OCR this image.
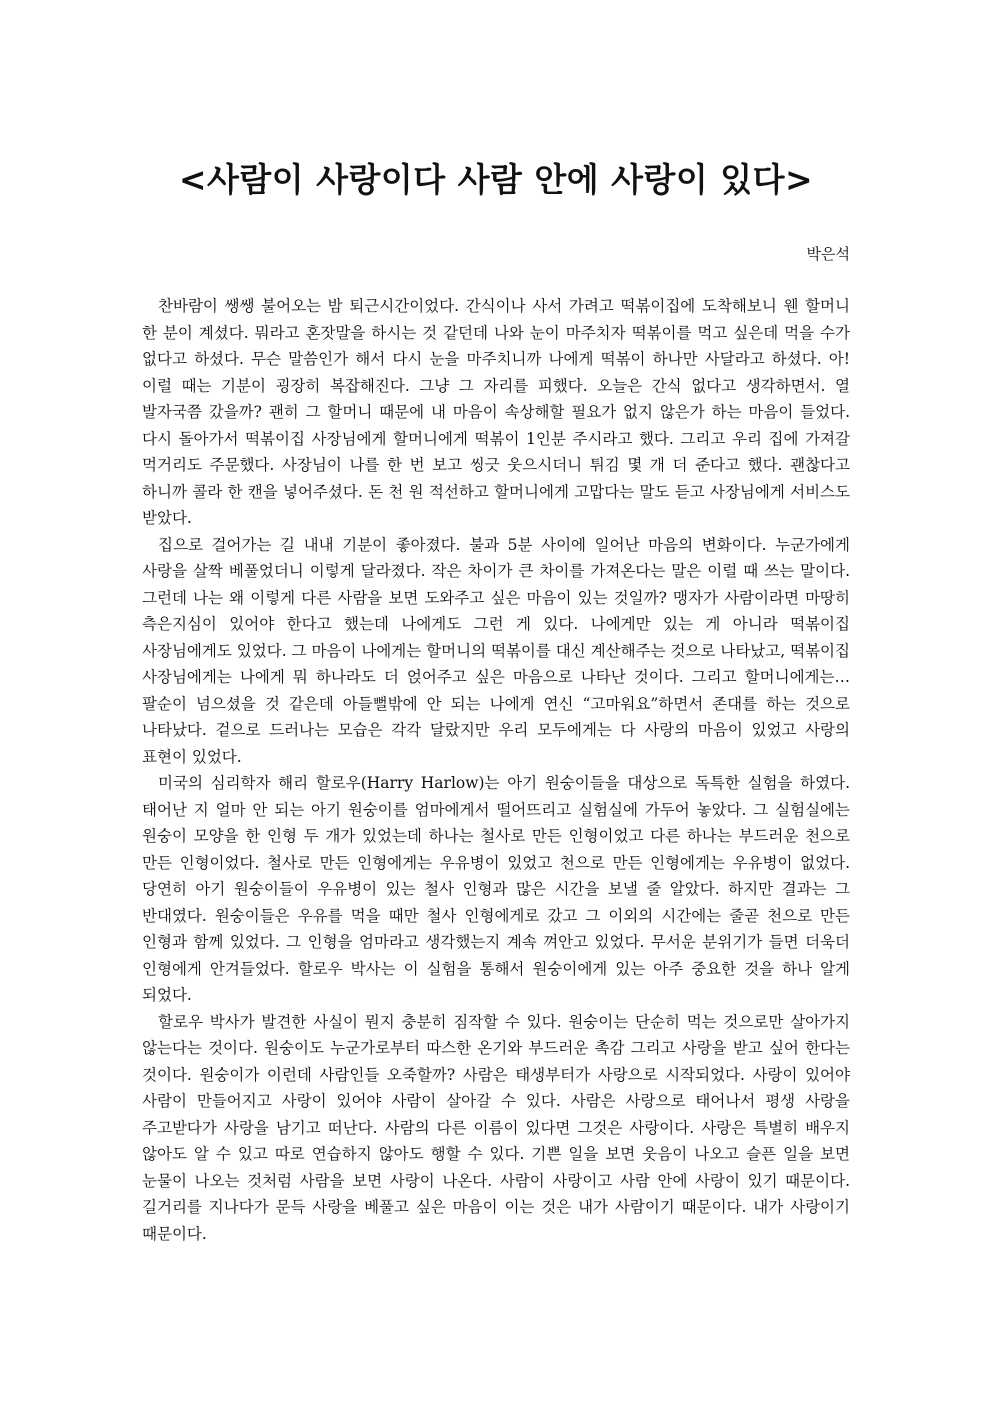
<사람이 사랑이다 사람 안에 사랑이 있다>

박은석

찬바람이 쌩쌩 불어오는 밤 퇴근시간이었다. 간식이나 사서 가려고 떡볶이집에 도착해보니 웬 할머니 한 분이 계셨다. 뭐라고 혼잣말을 하시는 것 같던데 나와 눈이 마주치자 떡볶이를 먹고 싶은데 먹을 수가 없다고 하셨다. 무슨 말씀인가 해서 다시 눈을 마주치니까 나에게 떡볶이 하나만 사달라고 하셨다. 아! 이럴 때는 기분이 굉장히 복잡해진다. 그냥 그 자리를 피했다. 오늘은 간식 없다고 생각하면서. 열 발자국쯤 갔을까? 괜히 그 할머니 때문에 내 마음이 속상해할 필요가 없지 않은가 하는 마음이 들었다. 다시 돌아가서 떡볶이집 사장님에게 할머니에게 떡볶이 1인분 주시라고 했다. 그리고 우리 집에 가져갈 먹거리도 주문했다. 사장님이 나를 한 번 보고 씽긋 웃으시더니 튀김 몇 개 더 준다고 했다. 괜찮다고 하니까 콜라 한 캔을 넣어주셨다. 돈 천 원 적선하고 할머니에게 고맙다는 말도 듣고 사장님에게 서비스도 받았다.

집으로 걸어가는 길 내내 기분이 좋아졌다. 불과 5분 사이에 일어난 마음의 변화이다. 누군가에게 사랑을 살짝 베풀었더니 이렇게 달라졌다. 작은 차이가 큰 차이를 가져온다는 말은 이럴 때 쓰는 말이다. 그런데 나는 왜 이렇게 다른 사람을 보면 도와주고 싶은 마음이 있는 것일까? 맹자가 사람이라면 마땅히 측은지심이 있어야 한다고 했는데 나에게도 그런 게 있다. 나에게만 있는 게 아니라 떡볶이집 사장님에게도 있었다. 그 마음이 나에게는 할머니의 떡볶이를 대신 계산해주는 것으로 나타났고, 떡볶이집 사장님에게는 나에게 뭐 하나라도 더 얹어주고 싶은 마음으로 나타난 것이다. 그리고 할머니에게는… 팔순이 넘으셨을 것 같은데 아들뻘밖에 안 되는 나에게 연신 “고마워요”하면서 존대를 하는 것으로 나타났다. 겉으로 드러나는 모습은 각각 달랐지만 우리 모두에게는 다 사랑의 마음이 있었고 사랑의 표현이 있었다.

미국의 심리학자 해리 할로우(Harry Harlow)는 아기 원숭이들을 대상으로 독특한 실험을 하였다. 태어난 지 얼마 안 되는 아기 원숭이를 엄마에게서 떨어뜨리고 실험실에 가두어 놓았다. 그 실험실에는 원숭이 모양을 한 인형 두 개가 있었는데 하나는 철사로 만든 인형이었고 다른 하나는 부드러운 천으로 만든 인형이었다. 철사로 만든 인형에게는 우유병이 있었고 천으로 만든 인형에게는 우유병이 없었다. 당연히 아기 원숭이들이 우유병이 있는 철사 인형과 많은 시간을 보낼 줄 알았다. 하지만 결과는 그 반대였다. 원숭이들은 우유를 먹을 때만 철사 인형에게로 갔고 그 이외의 시간에는 줄곧 천으로 만든 인형과 함께 있었다. 그 인형을 엄마라고 생각했는지 계속 껴안고 있었다. 무서운 분위기가 들면 더욱더 인형에게 안겨들었다. 할로우 박사는 이 실험을 통해서 원숭이에게 있는 아주 중요한 것을 하나 알게 되었다.

할로우 박사가 발견한 사실이 뭔지 충분히 짐작할 수 있다. 원숭이는 단순히 먹는 것으로만 살아가지 않는다는 것이다. 원숭이도 누군가로부터 따스한 온기와 부드러운 촉감 그리고 사랑을 받고 싶어 한다는 것이다. 원숭이가 이런데 사람인들 오죽할까? 사람은 태생부터가 사랑으로 시작되었다. 사랑이 있어야 사람이 만들어지고 사랑이 있어야 사람이 살아갈 수 있다. 사람은 사랑으로 태어나서 평생 사랑을 주고받다가 사랑을 남기고 떠난다. 사람의 다른 이름이 있다면 그것은 사랑이다. 사랑은 특별히 배우지 않아도 알 수 있고 따로 연습하지 않아도 행할 수 있다. 기쁜 일을 보면 웃음이 나오고 슬픈 일을 보면 눈물이 나오는 것처럼 사람을 보면 사랑이 나온다. 사람이 사랑이고 사람 안에 사랑이 있기 때문이다. 길거리를 지나다가 문득 사랑을 베풀고 싶은 마음이 이는 것은 내가 사람이기 때문이다. 내가 사랑이기 때문이다.
